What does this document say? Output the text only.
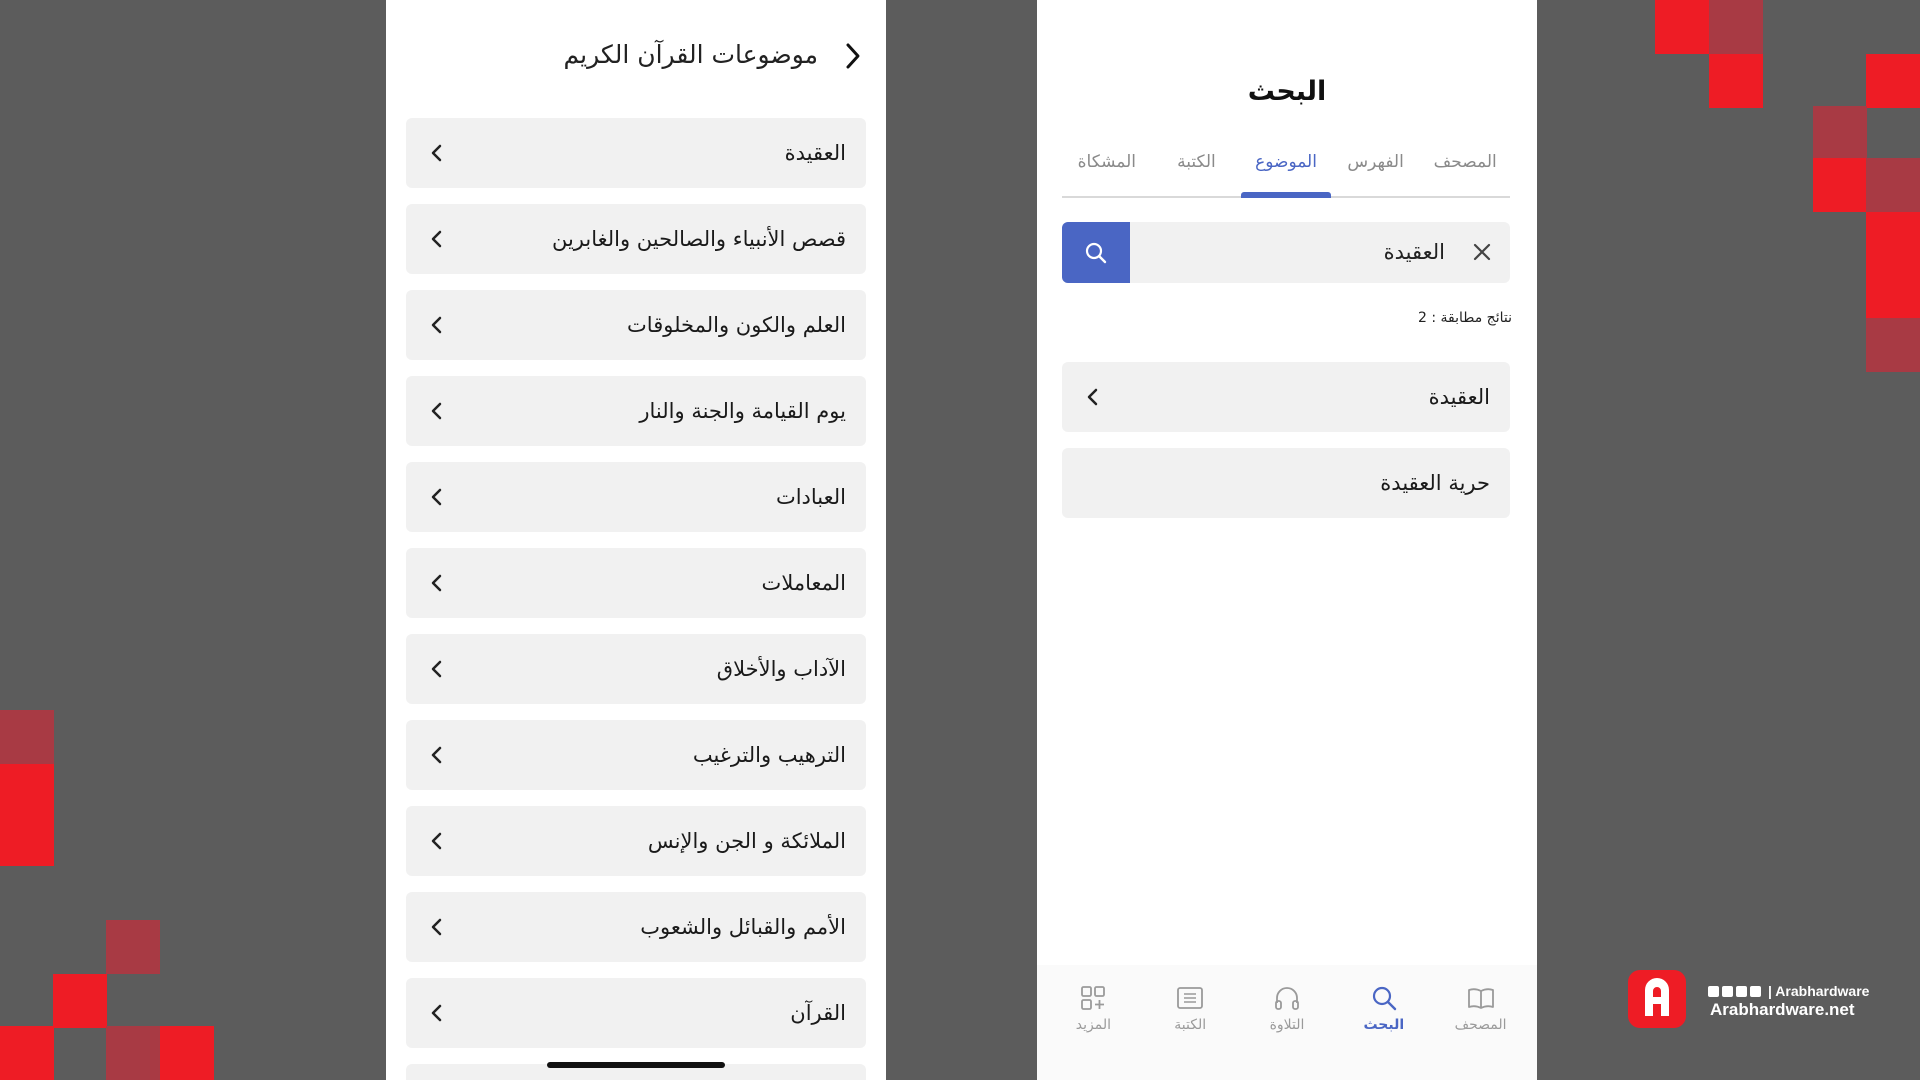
موضوعات القرآن الكريم
العقيدة
قصص الأنبياء والصالحين والغابرين
العلم والكون والمخلوقات
يوم القيامة والجنة والنار
العبادات
المعاملات
الآداب والأخلاق
الترهيب والترغيب
الملائكة و الجن والإنس
الأمم والقبائل والشعوب
القرآن
البحث
المصحف
الفهرس
الموضوع
الكتبة
المشكاة
العقيدة
نتائج مطابقة : 2
العقيدة
حرية العقيدة
المصحف
البحث
التلاوة
الكتبة
المزيد
| Arabhardware
Arabhardware.net
